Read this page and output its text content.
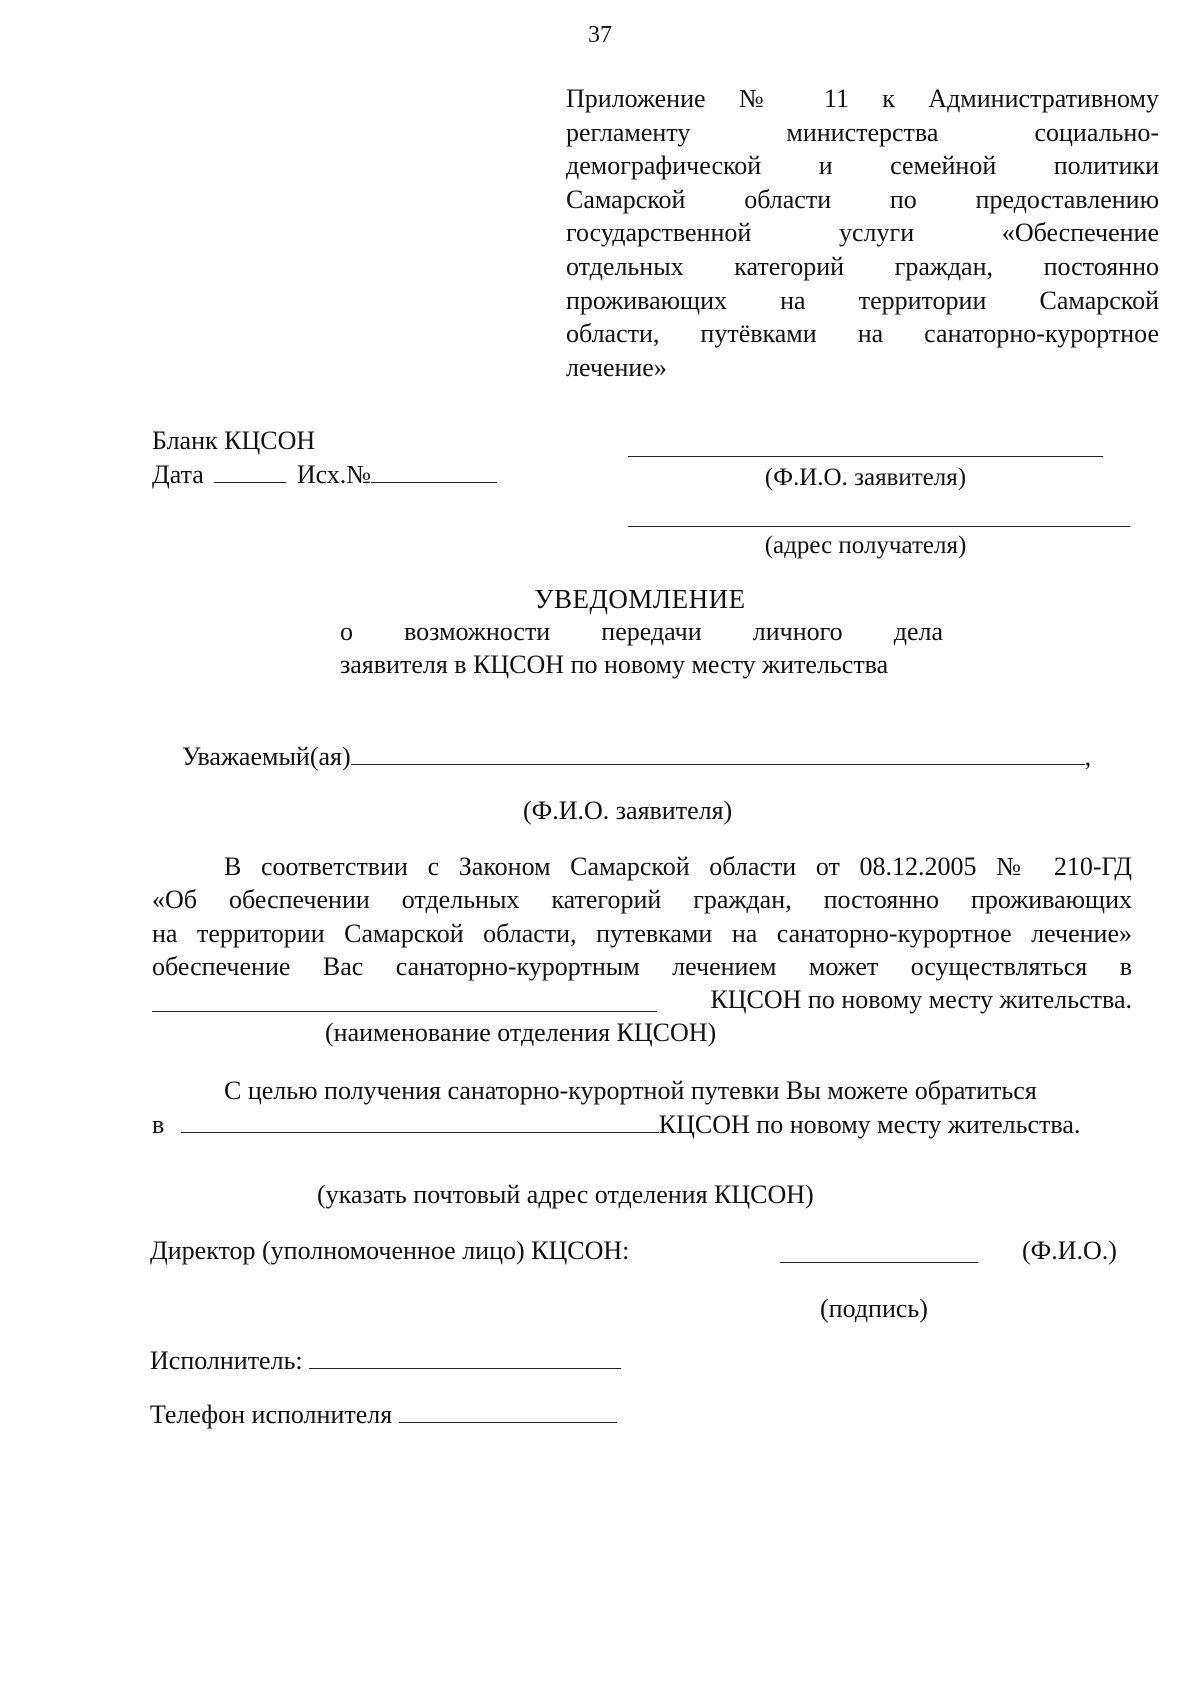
37
Приложение № 11 к Административному
регламенту министерства социально-
демографической и семейной политики
Самарской области по предоставлению
государственной услуги «Обеспечение
отдельных категорий граждан, постоянно
проживающих на территории Самарской
области, путёвками на санаторно-курортное
лечение»
Бланк КЦСОН
Дата	Исх.№	(Ф.И.О. заявителя)
(адрес получателя)
УВЕДОМЛЕНИЕ
о возможности передачи личного дела
заявителя в КЦСОН по новому месту жительства
Уважаемый(ая)	,
(Ф.И.О. заявителя)
В соответствии с Законом Самарской области от 08.12.2005 № 210-ГД
«Об обеспечении отдельных категорий граждан, постоянно проживающих
на территории Самарской области, путевками на санаторно-курортное лечение»
обеспечение Вас санаторно-курортным лечением может осуществляться в
КЦСОН по новому месту жительства.
(наименование отделения КЦСОН)
С целью получения санаторно-курортной путевки Вы можете обратиться
в	КЦСОН по новому месту жительства.
(указать почтовый адрес отделения КЦСОН)
Директор (уполномоченное лицо) КЦСОН:	(Ф.И.О.)
(подпись)
Исполнитель:
Телефон исполнителя
